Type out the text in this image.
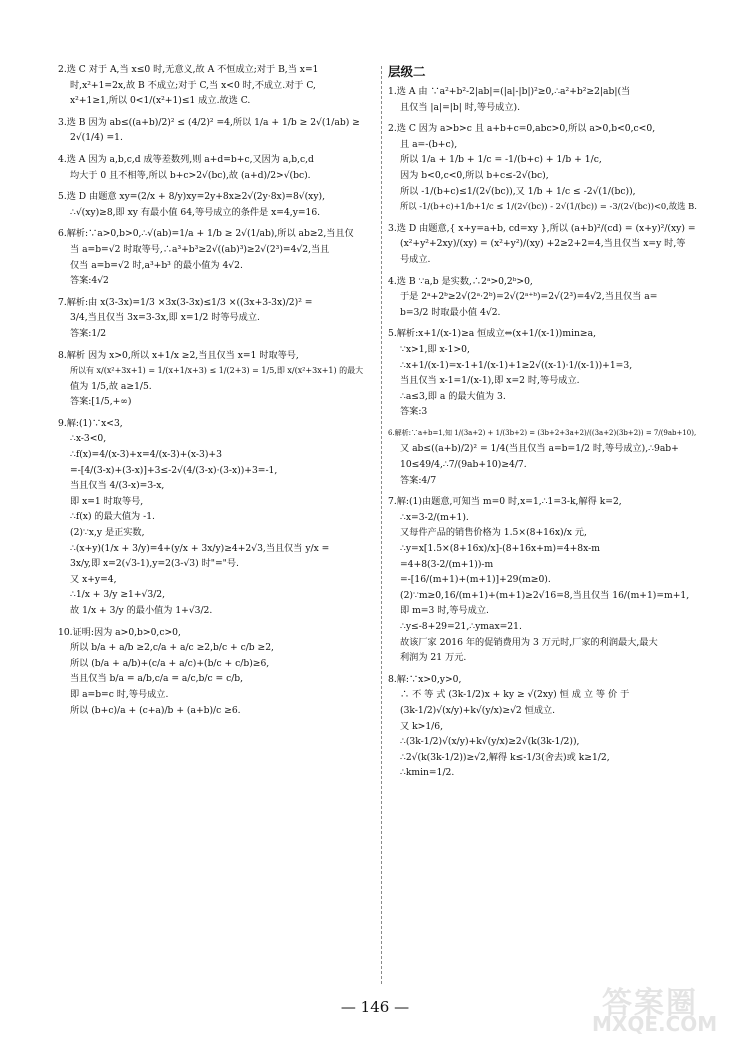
2.选 C 对于 A,当 x≤0 时,无意义,故 A 不恒成立;对于 B,当 x=1
时,x²+1=2x,故 B 不成立;对于 C,当 x<0 时,不成立.对于 C,
x²+1≥1,所以 0<1/(x²+1)≤1 成立.故选 C.
3.选 B 因为 ab≤((a+b)/2)² ≤ (4/2)² =4,所以 1/a + 1/b ≥ 2√(1/ab) ≥
2√(1/4) =1.
4.选 A 因为 a,b,c,d 成等差数列,则 a+d=b+c,又因为 a,b,c,d
均大于 0 且不相等,所以 b+c>2√(bc),故 (a+d)/2>√(bc).
5.选 D 由题意 xy=(2/x + 8/y)xy=2y+8x≥2√(2y·8x)=8√(xy),
∴√(xy)≥8,即 xy 有最小值 64,等号成立的条件是 x=4,y=16.
6.解析:∵a>0,b>0,∴√(ab)=1/a + 1/b ≥ 2√(1/ab),所以 ab≥2,当且仅
当 a=b=√2 时取等号,∴a³+b³≥2√((ab)³)≥2√(2³)=4√2,当且
仅当 a=b=√2 时,a³+b³ 的最小值为 4√2.
答案:4√2
7.解析:由 x(3-3x)=1/3 ×3x(3-3x)≤1/3 ×((3x+3-3x)/2)² =
3/4,当且仅当 3x=3-3x,即 x=1/2 时等号成立.
答案:1/2
8.解析 因为 x>0,所以 x+1/x ≥2,当且仅当 x=1 时取等号,
所以有 x/(x²+3x+1) = 1/(x+1/x+3) ≤ 1/(2+3) = 1/5,即 x/(x²+3x+1) 的最大
值为 1/5,故 a≥1/5.
答案:[1/5,+∞)
9.解:(1)∵x<3,
∴x-3<0,
∴f(x)=4/(x-3)+x=4/(x-3)+(x-3)+3
=-[4/(3-x)+(3-x)]+3≤-2√(4/(3-x)·(3-x))+3=-1,
当且仅当 4/(3-x)=3-x,
即 x=1 时取等号,
∴f(x) 的最大值为 -1.
(2)∵x,y 是正实数,
∴(x+y)(1/x + 3/y)=4+(y/x + 3x/y)≥4+2√3,当且仅当 y/x =
3x/y,即 x=2(√3-1),y=2(3-√3) 时"="号.
又 x+y=4,
∴1/x + 3/y ≥1+√3/2,
故 1/x + 3/y 的最小值为 1+√3/2.
10.证明:因为 a>0,b>0,c>0,
所以 b/a + a/b ≥2,c/a + a/c ≥2,b/c + c/b ≥2,
所以 (b/a + a/b)+(c/a + a/c)+(b/c + c/b)≥6,
当且仅当 b/a = a/b,c/a = a/c,b/c = c/b,
即 a=b=c 时,等号成立.
所以 (b+c)/a + (c+a)/b + (a+b)/c ≥6.
层级二
1.选 A 由 ∵a²+b²-2|ab|=(|a|-|b|)²≥0,∴a²+b²≥2|ab|(当
且仅当 |a|=|b| 时,等号成立).
2.选 C 因为 a>b>c 且 a+b+c=0,abc>0,所以 a>0,b<0,c<0,
且 a=-(b+c),
所以 1/a + 1/b + 1/c = -1/(b+c) + 1/b + 1/c,
因为 b<0,c<0,所以 b+c≤-2√(bc),
所以 -1/(b+c)≤1/(2√(bc)),又 1/b + 1/c ≤ -2√(1/(bc)),
所以 -1/(b+c)+1/b+1/c ≤ 1/(2√(bc)) - 2√(1/(bc)) = -3/(2√(bc))<0,故选 B.
3.选 D 由题意,{ x+y=a+b, cd=xy },所以 (a+b)²/(cd) = (x+y)²/(xy) =
(x²+y²+2xy)/(xy) = (x²+y²)/(xy) +2≥2+2=4,当且仅当 x=y 时,等
号成立.
4.选 B ∵a,b 是实数,∴2ᵃ>0,2ᵇ>0,
于是 2ᵃ+2ᵇ≥2√(2ᵃ·2ᵇ)=2√(2ᵃ⁺ᵇ)=2√(2³)=4√2,当且仅当 a=
b=3/2 时取最小值 4√2.
5.解析:x+1/(x-1)≥a 恒成立⇔(x+1/(x-1))min≥a,
∵x>1,即 x-1>0,
∴x+1/(x-1)=x-1+1/(x-1)+1≥2√((x-1)·1/(x-1))+1=3,
当且仅当 x-1=1/(x-1),即 x=2 时,等号成立.
∴a≤3,即 a 的最大值为 3.
答案:3
6.解析:∵a+b=1,知 1/(3a+2) + 1/(3b+2) = (3b+2+3a+2)/((3a+2)(3b+2)) = 7/(9ab+10),
又 ab≤((a+b)/2)² = 1/4(当且仅当 a=b=1/2 时,等号成立),∴9ab+
10≤49/4,∴7/(9ab+10)≥4/7.
答案:4/7
7.解:(1)由题意,可知当 m=0 时,x=1,∴1=3-k,解得 k=2,
∴x=3-2/(m+1).
又每件产品的销售价格为 1.5×(8+16x)/x 元,
∴y=x[1.5×(8+16x)/x]-(8+16x+m)=4+8x-m
=4+8(3-2/(m+1))-m
=-[16/(m+1)+(m+1)]+29(m≥0).
(2)∵m≥0,16/(m+1)+(m+1)≥2√16=8,当且仅当 16/(m+1)=m+1,
即 m=3 时,等号成立.
∴y≤-8+29=21,∴ymax=21.
故该厂家 2016 年的促销费用为 3 万元时,厂家的利润最大,最大
利润为 21 万元.
8.解:∵x>0,y>0,
∴ 不 等 式 (3k-1/2)x + ky ≥ √(2xy) 恒 成 立 等 价 于
(3k-1/2)√(x/y)+k√(y/x)≥√2 恒成立.
又 k>1/6,
∴(3k-1/2)√(x/y)+k√(y/x)≥2√(k(3k-1/2)),
∴2√(k(3k-1/2))≥√2,解得 k≤-1/3(舍去)或 k≥1/2,
∴kmin=1/2.
— 146 —	答案圈
MXQE.COM
